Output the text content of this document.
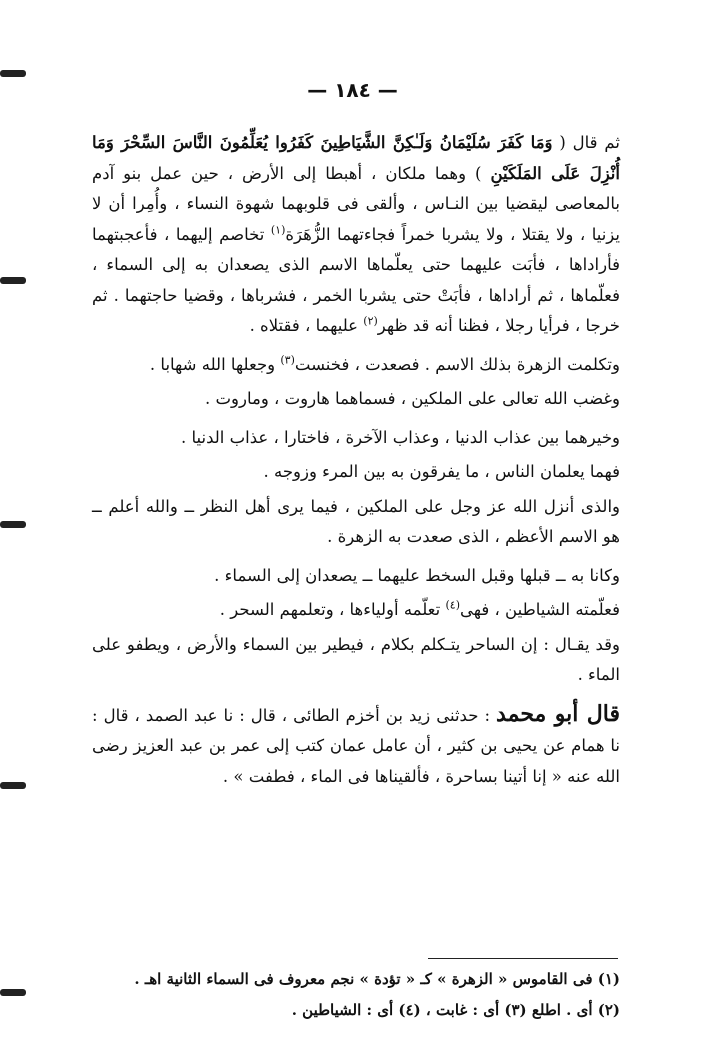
— ١٨٤ —

ثم قال ( وَمَا كَفَرَ سُلَيْمَانُ وَلَـٰكِنَّ الشَّيَاطِينَ كَفَرُوا يُعَلِّمُونَ النَّاسَ السِّحْرَ وَمَا أُنْزِلَ عَلَى المَلَكَيْنِ ) وهما ملكان ، أهبطا إلى الأرض ، حين عمل بنو آدم بالمعاصى ليقضيا بين النـاس ، وألقى فى قلوبهما شهوة النساء ، وأُمِرا أن لا يزنيا ، ولا يقتلا ، ولا يشربا خمراً فجاءتهما الزُّهَرَة$^{(١)}$ تخاصم إليهما ، فأعجبتهما فأراداها ، فأبَت عليهما حتى يعلّماها الاسم الذى يصعدان به إلى السماء ، فعلّماها ، ثم أراداها ، فأبَتْ حتى يشربا الخمر ، فشرباها ، وقضيا حاجتهما . ثم خرجا ، فرأيا رجلا ، فظنا أنه قد ظهر$^{(٢)}$ عليهما ، فقتلاه .

وتكلمت الزهرة بذلك الاسم . فصعدت ، فخنست$^{(٣)}$ وجعلها الله شهابا .

وغضب الله تعالى على الملكين ، فسماهما هاروت ، وماروت .

وخيرهما بين عذاب الدنيا ، وعذاب الآخرة ، فاختارا ، عذاب الدنيا .

فهما يعلمان الناس ، ما يفرقون به بين المرء وزوجه .

والذى أنزل الله عز وجل على الملكين ، فيما يرى أهل النظر ــ والله أعلم ــ هو الاسم الأعظم ، الذى صعدت به الزهرة .

وكانا به ــ قبلها وقبل السخط عليهما ــ يصعدان إلى السماء .

فعلّمته الشياطين ، فهى$^{(٤)}$ تعلّمه أولياءها ، وتعلمهم السحر .

وقد يقـال : إن الساحر يتـكلم بكلام ، فيطير بين السماء والأرض ، ويطفو على الماء .

قال أبو محمد : حدثنى زيد بن أخزم الطائى ، قال : نا عبد الصمد ، قال : نا همام عن يحيى بن كثير ، أن عامل عمان كتب إلى عمر بن عبد العزيز رضى الله عنه « إنا أتينا بساحرة ، فألقيناها فى الماء ، فطفت » .

(١) فى القاموس « الزهرة » كـ « تؤدة » نجم معروف فى السماء الثانية اهـ .
(٢) أى . اطلع (٣) أى : غابت ، (٤) أى : الشياطين .
